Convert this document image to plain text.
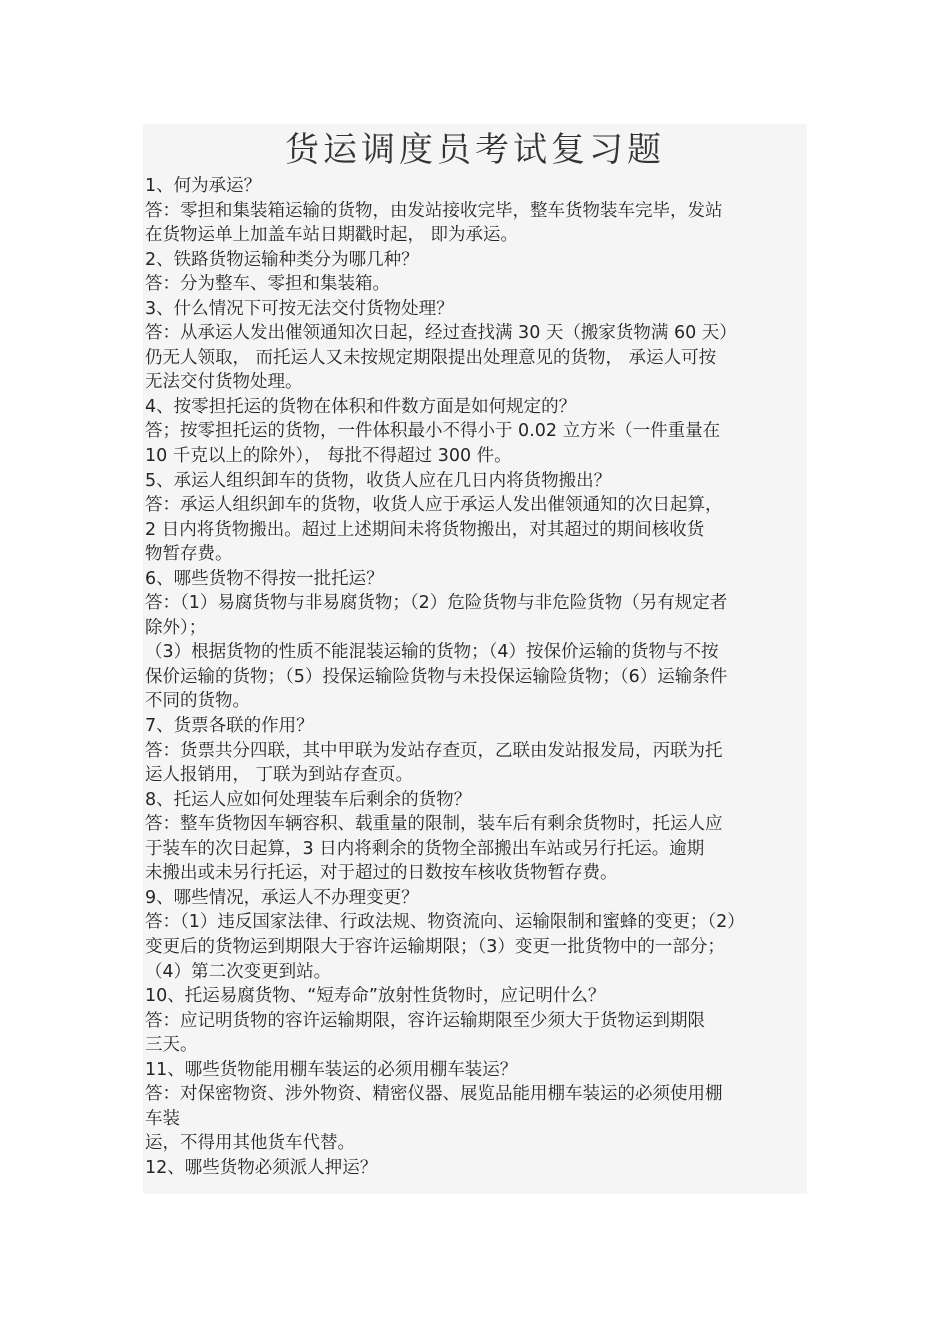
货运调度员考试复习题
1、何为承运？
答：零担和集装箱运输的货物，由发站接收完毕，整车货物装车完毕，发站
在货物运单上加盖车站日期戳时起， 即为承运。
2、铁路货物运输种类分为哪几种？
答：分为整车、零担和集装箱。
3、什么情况下可按无法交付货物处理？
答：从承运人发出催领通知次日起，经过查找满 30 天（搬家货物满 60 天）
仍无人领取， 而托运人又未按规定期限提出处理意见的货物， 承运人可按
无法交付货物处理。
4、按零担托运的货物在体积和件数方面是如何规定的？
答；按零担托运的货物，一件体积最小不得小于 0.02 立方米（一件重量在
10 千克以上的除外）， 每批不得超过 300 件。
5、承运人组织卸车的货物，收货人应在几日内将货物搬出？
答：承运人组织卸车的货物，收货人应于承运人发出催领通知的次日起算，
2 日内将货物搬出。超过上述期间未将货物搬出，对其超过的期间核收货
物暂存费。
6、哪些货物不得按一批托运？
答：（1）易腐货物与非易腐货物；（2）危险货物与非危险货物（另有规定者
除外）；
（3）根据货物的性质不能混装运输的货物；（4）按保价运输的货物与不按
保价运输的货物；（5）投保运输险货物与未投保运输险货物；（6）运输条件
不同的货物。
7、货票各联的作用？
答：货票共分四联，其中甲联为发站存查页，乙联由发站报发局，丙联为托
运人报销用， 丁联为到站存查页。
8、托运人应如何处理装车后剩余的货物？
答：整车货物因车辆容积、载重量的限制，装车后有剩余货物时，托运人应
于装车的次日起算，3 日内将剩余的货物全部搬出车站或另行托运。逾期
未搬出或未另行托运，对于超过的日数按车核收货物暂存费。
9、哪些情况，承运人不办理变更？
答：（1）违反国家法律、行政法规、物资流向、运输限制和蜜蜂的变更；（2）
变更后的货物运到期限大于容许运输期限；（3）变更一批货物中的一部分；
（4）第二次变更到站。
10、托运易腐货物、“短寿命”放射性货物时，应记明什么？
答：应记明货物的容许运输期限，容许运输期限至少须大于货物运到期限
三天。
11、哪些货物能用棚车装运的必须用棚车装运？
答：对保密物资、涉外物资、精密仪器、展览品能用棚车装运的必须使用棚
车装
运，不得用其他货车代替。
12、哪些货物必须派人押运？
